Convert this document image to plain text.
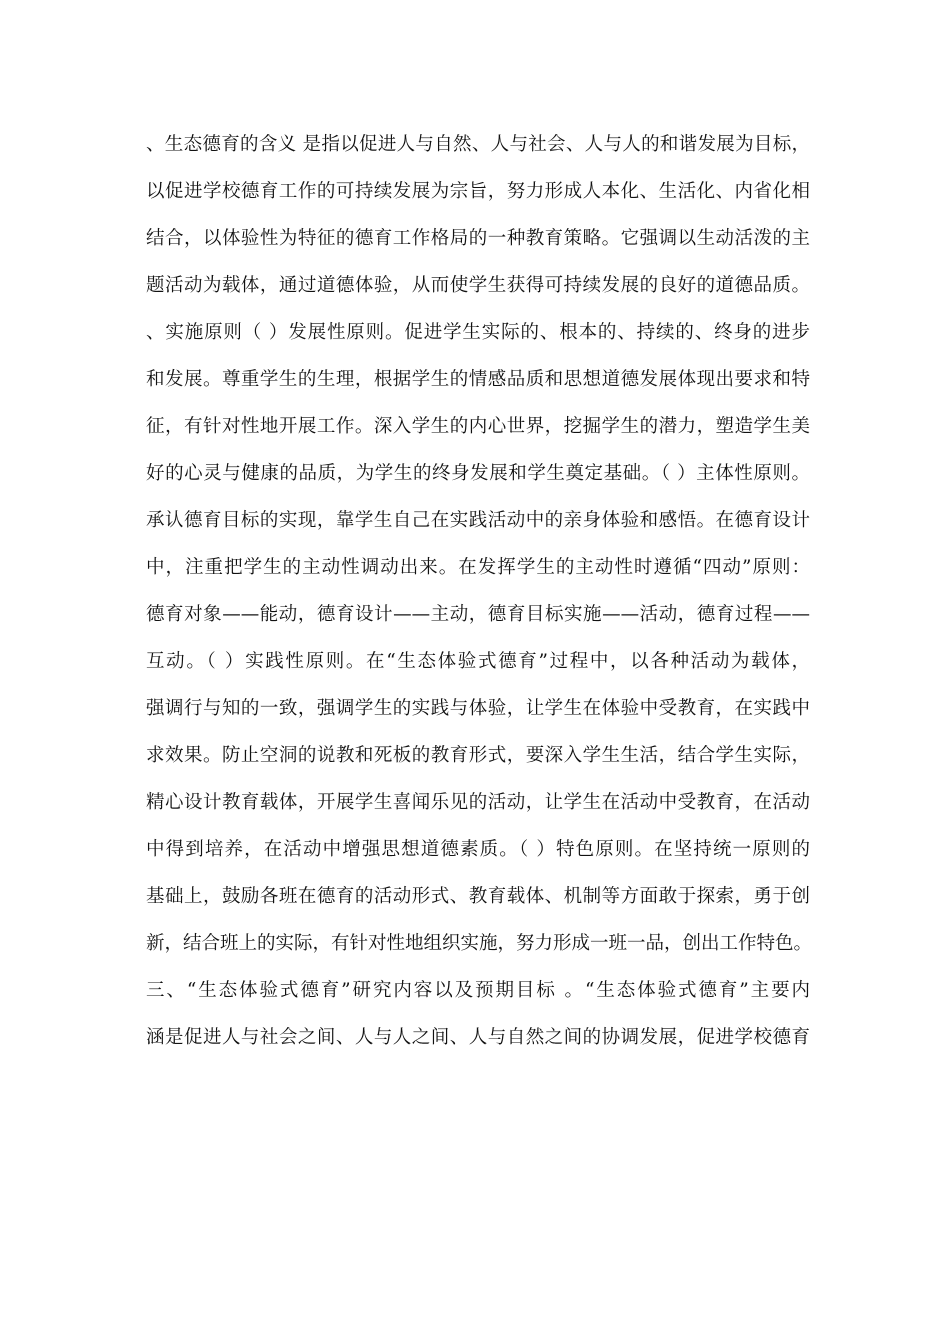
、生态德育的含义 是指以促进人与自然、人与社会、人与人的和谐发展为目标，
以促进学校德育工作的可持续发展为宗旨，努力形成人本化、生活化、内省化相
结合，以体验性为特征的德育工作格局的一种教育策略。它强调以生动活泼的主
题活动为载体，通过道德体验，从而使学生获得可持续发展的良好的道德品质。
、实施原则（ ）发展性原则。促进学生实际的、根本的、持续的、终身的进步
和发展。尊重学生的生理，根据学生的情感品质和思想道德发展体现出要求和特
征，有针对性地开展工作。深入学生的内心世界，挖掘学生的潜力，塑造学生美
好的心灵与健康的品质，为学生的终身发展和学生奠定基础。（ ）主体性原则。
承认德育目标的实现，靠学生自己在实践活动中的亲身体验和感悟。在德育设计
中，注重把学生的主动性调动出来。在发挥学生的主动性时遵循“四动”原则：
德育对象——能动，德育设计——主动，德育目标实施——活动，德育过程——
互动。（ ）实践性原则。在“生态体验式德育”过程中，以各种活动为载体，
强调行与知的一致，强调学生的实践与体验，让学生在体验中受教育，在实践中
求效果。防止空洞的说教和死板的教育形式，要深入学生生活，结合学生实际，
精心设计教育载体，开展学生喜闻乐见的活动，让学生在活动中受教育，在活动
中得到培养，在活动中增强思想道德素质。（ ）特色原则。在坚持统一原则的
基础上，鼓励各班在德育的活动形式、教育载体、机制等方面敢于探索，勇于创
新，结合班上的实际，有针对性地组织实施，努力形成一班一品，创出工作特色。
三、“生态体验式德育”研究内容以及预期目标 。“生态体验式德育”主要内
涵是促进人与社会之间、人与人之间、人与自然之间的协调发展，促进学校德育
